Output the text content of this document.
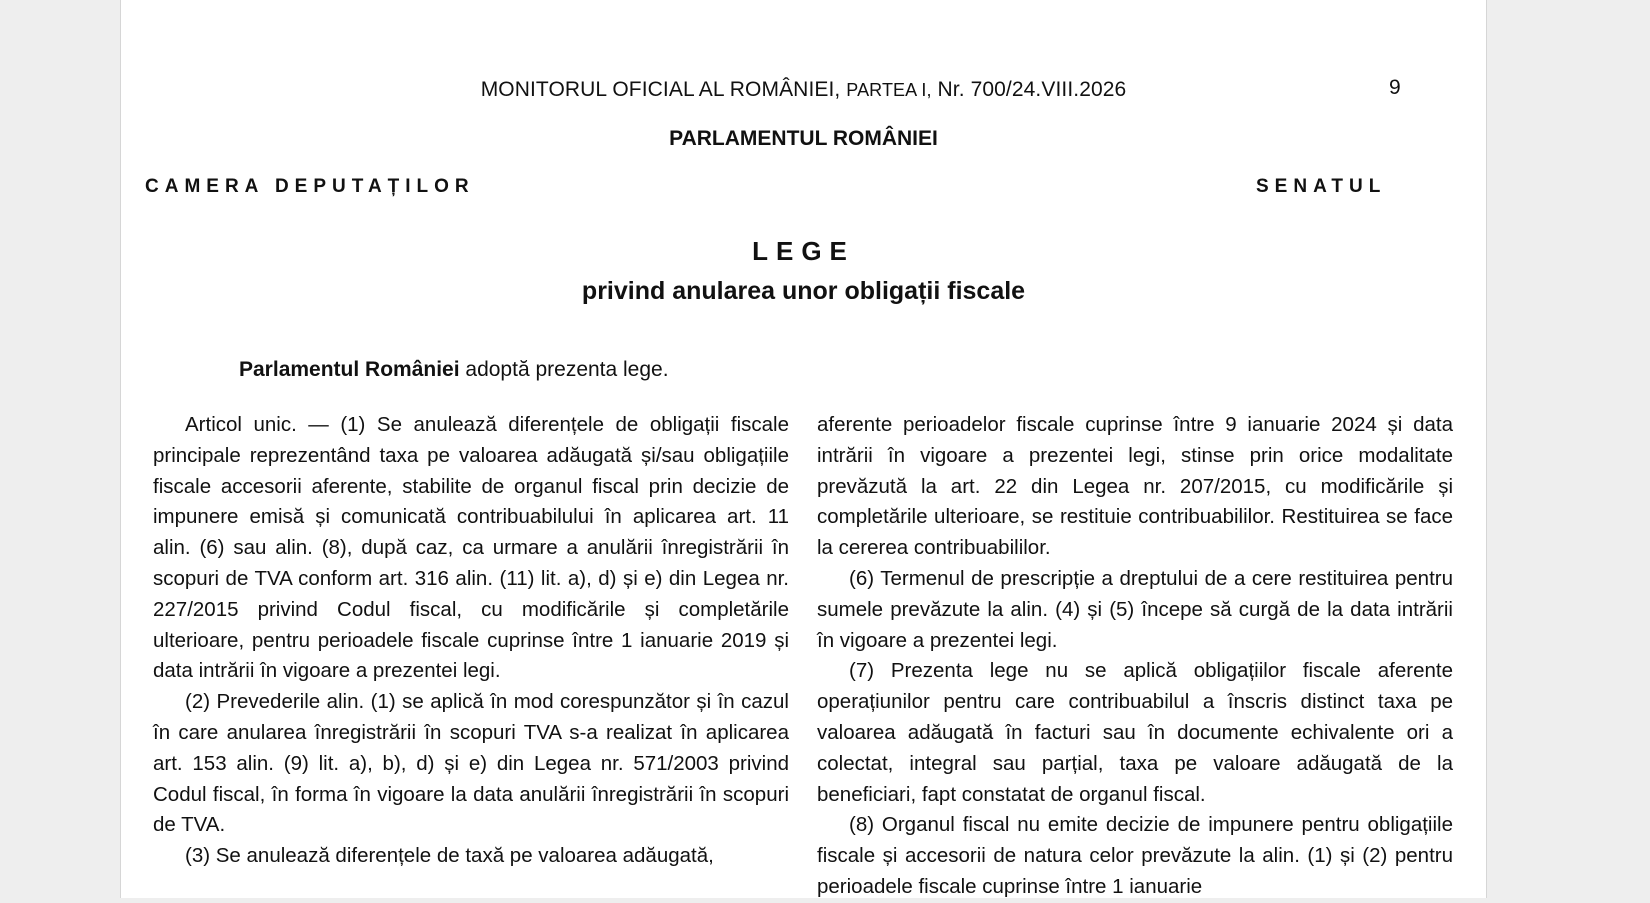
MONITORUL OFICIAL AL ROMÂNIEI, PARTEA I, Nr. 700/24.VIII.2026	9
PARLAMENTUL ROMÂNIEI
CAMERA DEPUTAȚILOR	SENATUL
LEGE
privind anularea unor obligații fiscale
Parlamentul României adoptă prezenta lege.

Articol unic. — (1) Se anulează diferențele de obligații fiscale principale reprezentând taxa pe valoarea adăugată și/sau obligațiile fiscale accesorii aferente, stabilite de organul fiscal prin decizie de impunere emisă și comunicată contribuabilului în aplicarea art. 11 alin. (6) sau alin. (8), după caz, ca urmare a anulării înregistrării în scopuri de TVA conform art. 316 alin. (11) lit. a), d) și e) din Legea nr. 227/2015 privind Codul fiscal, cu modificările și completările ulterioare, pentru perioadele fiscale cuprinse între 1 ianuarie 2019 și data intrării în vigoare a prezentei legi.

(2) Prevederile alin. (1) se aplică în mod corespunzător și în cazul în care anularea înregistrării în scopuri TVA s-a realizat în aplicarea art. 153 alin. (9) lit. a), b), d) și e) din Legea nr. 571/2003 privind Codul fiscal, în forma în vigoare la data anulării înregistrării în scopuri de TVA.

(3) Se anulează diferențele de taxă pe valoarea adăugată,

aferente perioadelor fiscale cuprinse între 9 ianuarie 2024 și data intrării în vigoare a prezentei legi, stinse prin orice modalitate prevăzută la art. 22 din Legea nr. 207/2015, cu modificările și completările ulterioare, se restituie contribuabililor. Restituirea se face la cererea contribuabililor.

(6) Termenul de prescripție a dreptului de a cere restituirea pentru sumele prevăzute la alin. (4) și (5) începe să curgă de la data intrării în vigoare a prezentei legi.

(7) Prezenta lege nu se aplică obligațiilor fiscale aferente operațiunilor pentru care contribuabilul a înscris distinct taxa pe valoarea adăugată în facturi sau în documente echivalente ori a colectat, integral sau parțial, taxa pe valoare adăugată de la beneficiari, fapt constatat de organul fiscal.

(8) Organul fiscal nu emite decizie de impunere pentru obligațiile fiscale și accesorii de natura celor prevăzute la alin. (1) și (2) pentru perioadele fiscale cuprinse între 1 ianuarie
